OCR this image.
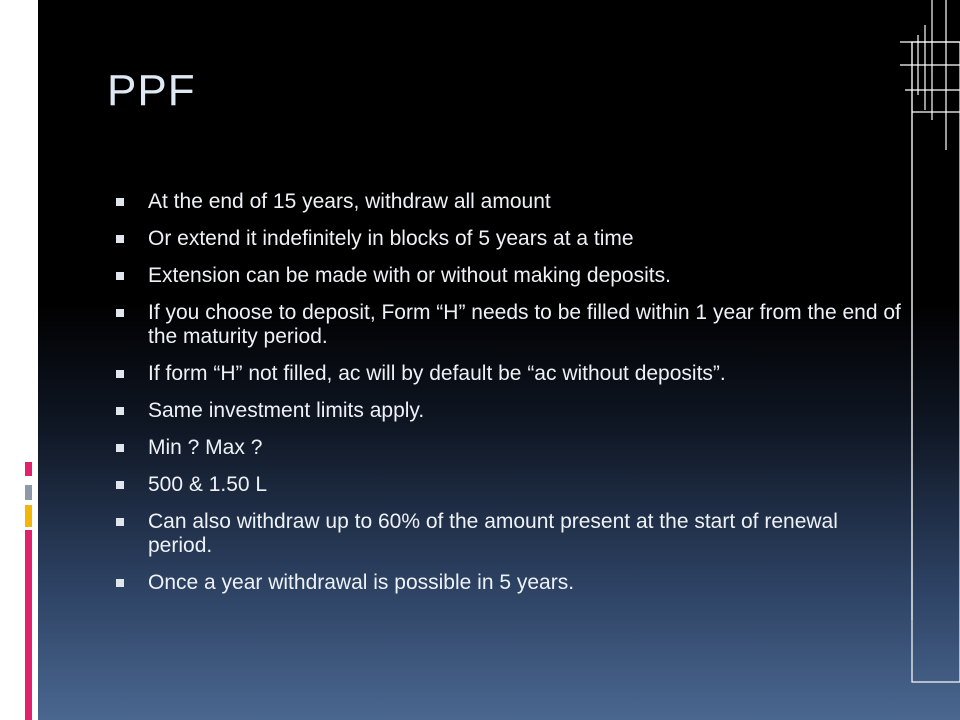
PPF
At the end of 15 years, withdraw all amount
Or extend it indefinitely in blocks of 5 years at a time
Extension can be made with or without making deposits.
If you choose to deposit, Form “H” needs to be filled within 1 year from the end of the maturity period.
If form “H” not filled, ac will by default be “ac without deposits”.
Same investment limits apply.
Min ? Max ?
500 & 1.50 L
Can also withdraw up to 60% of the amount present at the start of renewal period.
Once a year withdrawal is possible in 5 years.
